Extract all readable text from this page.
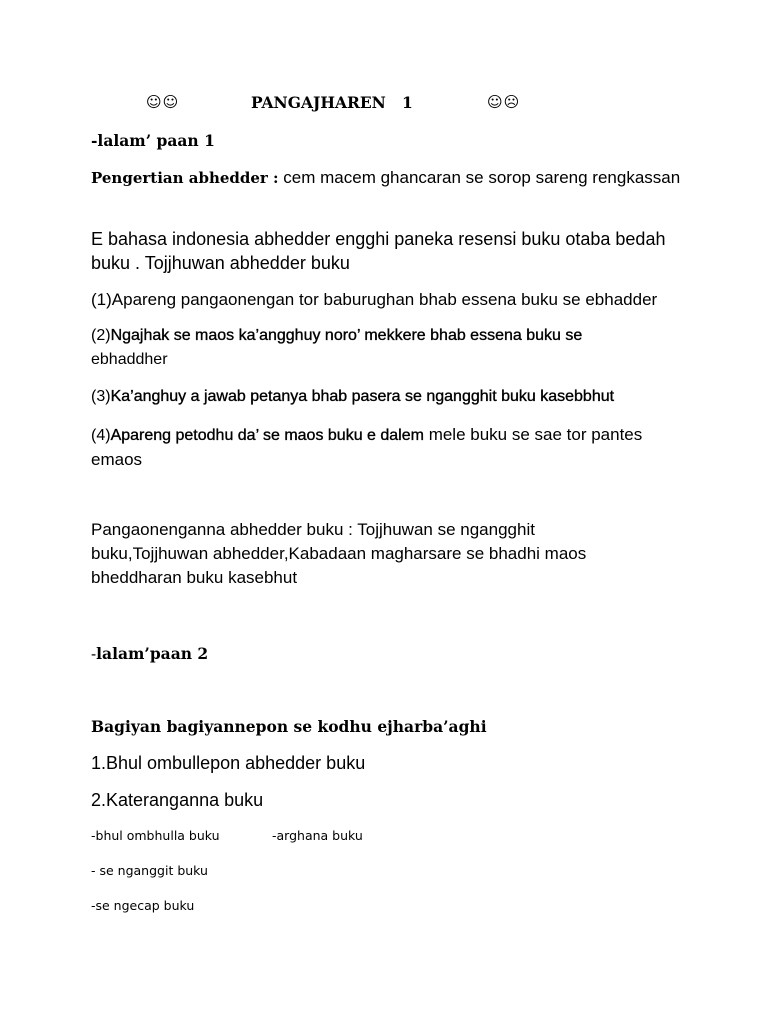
☺☺	PANGAJHAREN   1	☺☹
-lalam’ paan 1
Pengertian abhedder : cem macem ghancaran se sorop sareng rengkassan
E bahasa indonesia abhedder engghi paneka resensi buku otaba bedah buku . Tojjhuwan abhedder buku
(1)Apareng pangaonengan tor baburughan bhab essena buku se ebhadder
(2)Ngajhak se maos ka’angghuy noro’ mekkere bhab essena buku se
ebhaddher
(3)Ka’anghuy a jawab petanya bhab pasera se ngangghit buku kasebbhut
(4)Apareng petodhu da’ se maos buku e dalem mele buku se sae tor pantes emaos
Pangaonenganna abhedder buku : Tojjhuwan se ngangghit buku,Tojjhuwan abhedder,Kabadaan magharsare se bhadhi maos bheddharan buku kasebhut
-lalam’paan 2
Bagiyan bagiyannepon se kodhu ejharba’aghi
1.Bhul ombullepon abhedder buku
2.Kateranganna buku
-bhul ombhulla buku	-arghana buku
- se nganggit buku
-se ngecap buku
